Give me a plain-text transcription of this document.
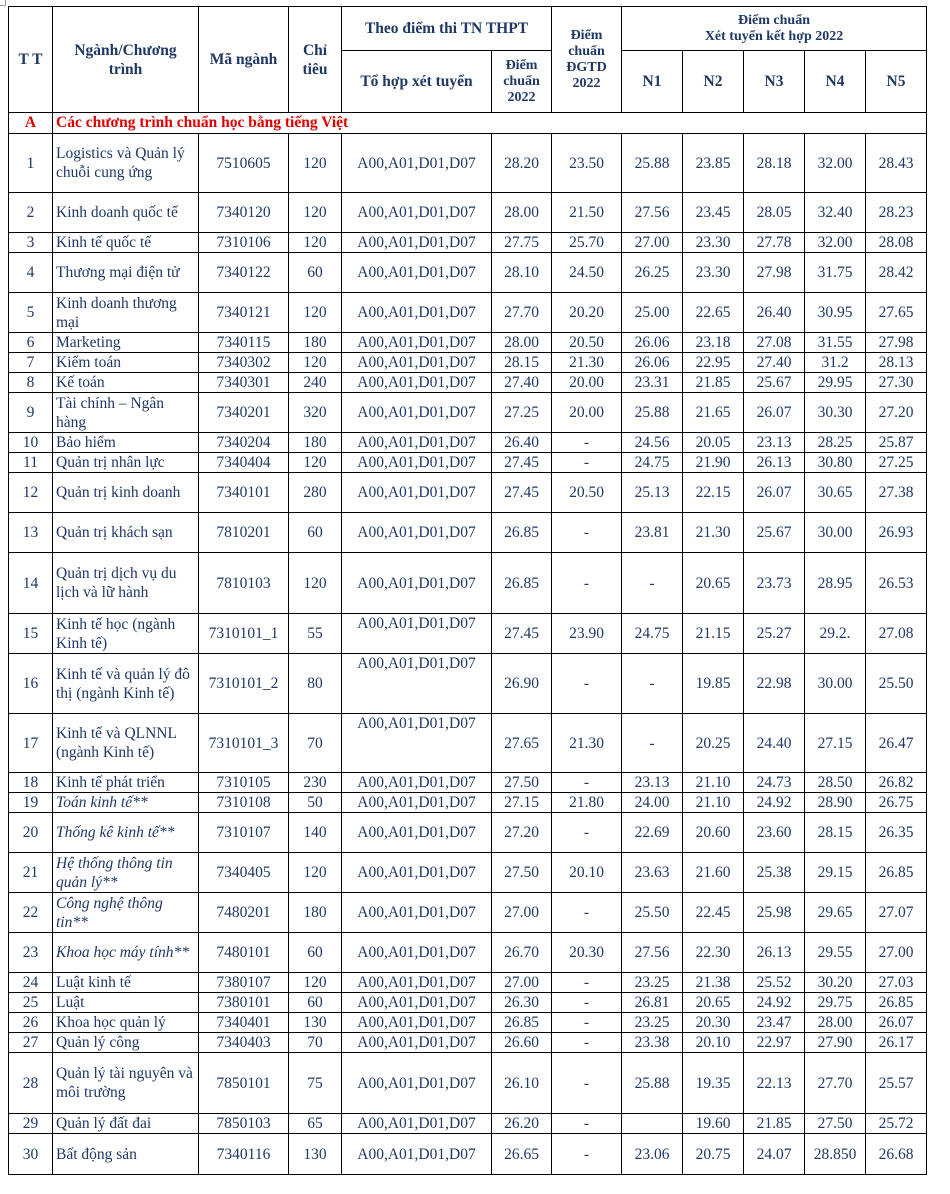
T T	Ngành/Chương trình	Mã ngành	Chỉ tiêu	Theo điểm thi TN THPT		Điểm chuẩn ĐGTD 2022	Điểm chuẩn
Xét tuyển kết hợp 2022				
				Tổ hợp xét tuyển	Điểm chuẩn 2022		N1	N2	N3	N4	N5
A	Các chương trình chuẩn học bằng tiếng Việt										
1	Logistics và Quản lý chuỗi cung ứng	7510605	120	A00,A01,D01,D07	28.20	23.50	25.88	23.85	28.18	32.00	28.43
2	Kinh doanh quốc tế	7340120	120	A00,A01,D01,D07	28.00	21.50	27.56	23.45	28.05	32.40	28.23
3	Kinh tế quốc tế	7310106	120	A00,A01,D01,D07	27.75	25.70	27.00	23.30	27.78	32.00	28.08
4	Thương mại điện tử	7340122	60	A00,A01,D01,D07	28.10	24.50	26.25	23.30	27.98	31.75	28.42
5	Kinh doanh thương mại	7340121	120	A00,A01,D01,D07	27.70	20.20	25.00	22.65	26.40	30.95	27.65
6	Marketing	7340115	180	A00,A01,D01,D07	28.00	20.50	26.06	23.18	27.08	31.55	27.98
7	Kiểm toán	7340302	120	A00,A01,D01,D07	28.15	21.30	26.06	22.95	27.40	31.2	28.13
8	Kế toán	7340301	240	A00,A01,D01,D07	27.40	20.00	23.31	21.85	25.67	29.95	27.30
9	Tài chính – Ngân hàng	7340201	320	A00,A01,D01,D07	27.25	20.00	25.88	21.65	26.07	30.30	27.20
10	Bảo hiểm	7340204	180	A00,A01,D01,D07	26.40	-	24.56	20.05	23.13	28.25	25.87
11	Quản trị nhân lực	7340404	120	A00,A01,D01,D07	27.45	-	24.75	21.90	26.13	30.80	27.25
12	Quản trị kinh doanh	7340101	280	A00,A01,D01,D07	27.45	20.50	25.13	22.15	26.07	30.65	27.38
13	Quản trị khách sạn	7810201	60	A00,A01,D01,D07	26.85	-	23.81	21.30	25.67	30.00	26.93
14	Quản trị dịch vụ du lịch và lữ hành	7810103	120	A00,A01,D01,D07	26.85	-	-	20.65	23.73	28.95	26.53
15	Kinh tế học (ngành Kinh tế)	7310101_1	55	A00,A01,D01,D07	27.45	23.90	24.75	21.15	25.27	29.2.	27.08
16	Kinh tế và quản lý đô thị (ngành Kinh tế)	7310101_2	80	A00,A01,D01,D07	26.90	-	-	19.85	22.98	30.00	25.50
17	Kinh tế và QLNNL (ngành Kinh tế)	7310101_3	70	A00,A01,D01,D07	27.65	21.30	-	20.25	24.40	27.15	26.47
18	Kinh tế phát triển	7310105	230	A00,A01,D01,D07	27.50	-	23.13	21.10	24.73	28.50	26.82
19	Toán kinh tế**	7310108	50	A00,A01,D01,D07	27.15	21.80	24.00	21.10	24.92	28.90	26.75
20	Thống kê kinh tế**	7310107	140	A00,A01,D01,D07	27.20	-	22.69	20.60	23.60	28.15	26.35
21	Hệ thống thông tin quản lý**	7340405	120	A00,A01,D01,D07	27.50	20.10	23.63	21.60	25.38	29.15	26.85
22	Công nghệ thông tin**	7480201	180	A00,A01,D01,D07	27.00	-	25.50	22.45	25.98	29.65	27.07
23	Khoa học máy tính**	7480101	60	A00,A01,D01,D07	26.70	20.30	27.56	22.30	26.13	29.55	27.00
24	Luật kinh tế	7380107	120	A00,A01,D01,D07	27.00	-	23.25	21.38	25.52	30.20	27.03
25	Luật	7380101	60	A00,A01,D01,D07	26.30	-	26.81	20.65	24.92	29.75	26.85
26	Khoa học quản lý	7340401	130	A00,A01,D01,D07	26.85	-	23.25	20.30	23.47	28.00	26.07
27	Quản lý công	7340403	70	A00,A01,D01,D07	26.60	-	23.38	20.10	22.97	27.90	26.17
28	Quản lý tài nguyên và môi trường	7850101	75	A00,A01,D01,D07	26.10	-	25.88	19.35	22.13	27.70	25.57
29	Quản lý đất đai	7850103	65	A00,A01,D01,D07	26.20	-		19.60	21.85	27.50	25.72
30	Bất động sản	7340116	130	A00,A01,D01,D07	26.65	-	23.06	20.75	24.07	28.850	26.68
